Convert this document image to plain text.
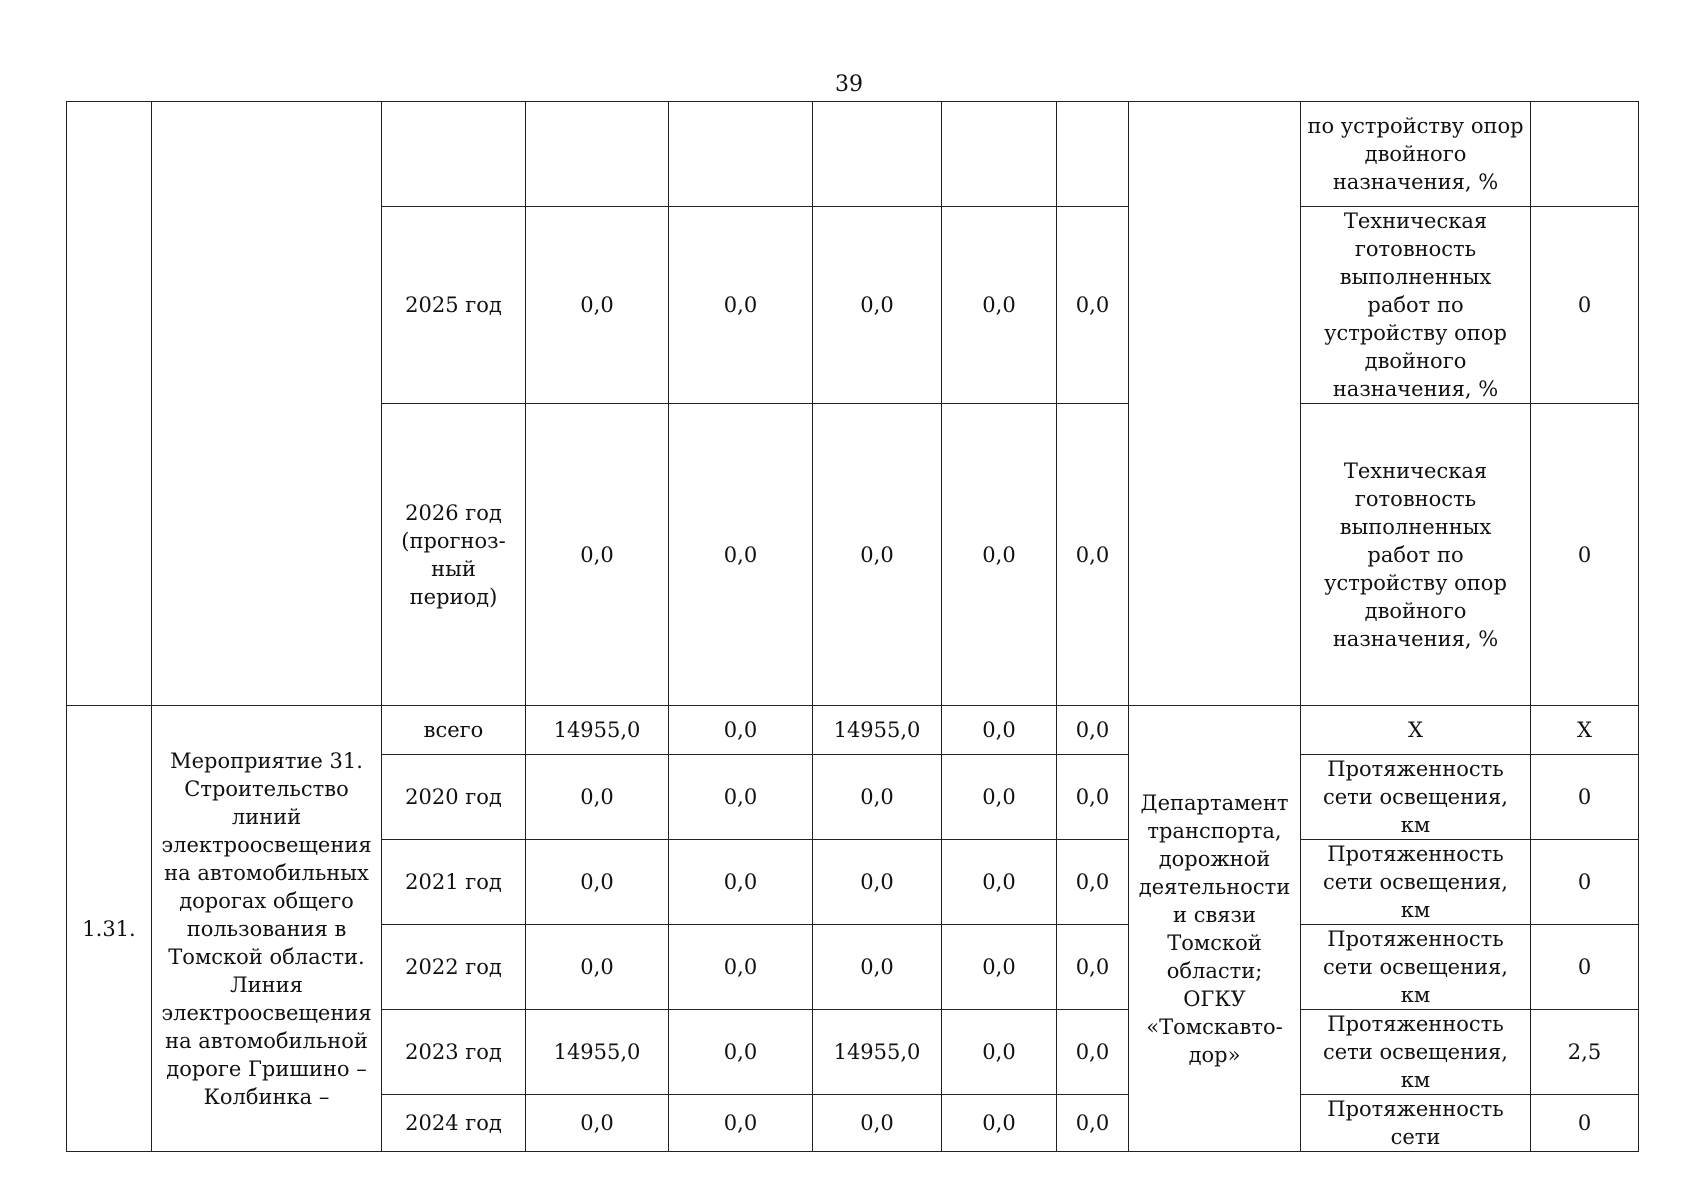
39
									по устройству опор двойного назначения, %	
		2025 год	0,0	0,0	0,0	0,0	0,0		Техническая готовность выполненных работ по устройству опор двойного назначения, %	0
		2026 год (прогноз-ный период)	0,0	0,0	0,0	0,0	0,0		Техническая готовность выполненных работ по устройству опор двойного назначения, %	0
1.31.	Мероприятие 31. Строительство линий электроосвещения на автомобильных дорогах общего пользования в Томской области. Линия электроосвещения на автомобильной дороге Гришино – Колбинка –	всего	14955,0	0,0	14955,0	0,0	0,0	Департамент транспорта, дорожной деятельности и связи Томской области; ОГКУ «Томскавто-дор»	Х	Х
		2020 год	0,0	0,0	0,0	0,0	0,0		Протяженность сети освещения, км	0
		2021 год	0,0	0,0	0,0	0,0	0,0		Протяженность сети освещения, км	0
		2022 год	0,0	0,0	0,0	0,0	0,0		Протяженность сети освещения, км	0
		2023 год	14955,0	0,0	14955,0	0,0	0,0		Протяженность сети освещения, км	2,5
		2024 год	0,0	0,0	0,0	0,0	0,0		Протяженность сети	0
